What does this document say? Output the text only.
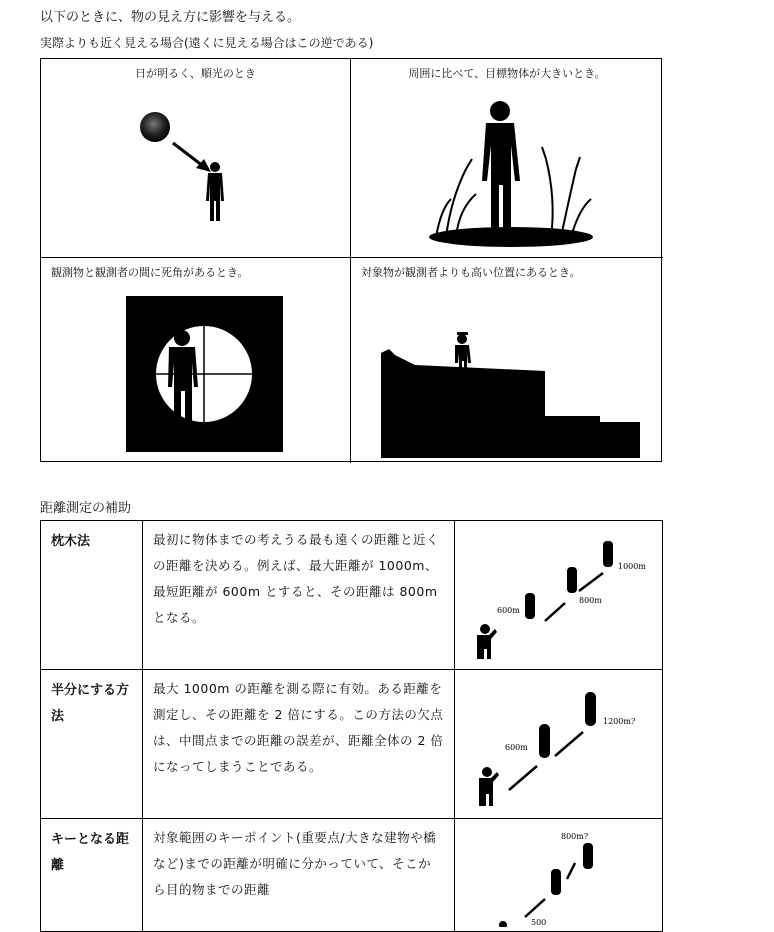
以下のときに、物の見え方に影響を与える。
実際よりも近く見える場合(遠くに見える場合はこの逆である)
日が明るく、順光のとき	周囲に比べて、目標物体が大きいとき。
観測物と観測者の間に死角があるとき。	対象物が観測者よりも高い位置にあるとき。
距離測定の補助
枕木法	最初に物体までの考えうる最も遠くの距離と近くの距離を決める。例えば、最大距離が 1000m、最短距離が 600m とすると、その距離は 800m となる。	1000m
800m
600m

半分にする方法	最大 1000m の距離を測る際に有効。ある距離を測定し、その距離を 2 倍にする。この方法の欠点は、中間点までの距離の誤差が、距離全体の 2 倍になってしまうことである。	1200m?
600m

キーとなる距離	対象範囲のキーポイント(重要点/大きな建物や橋など)までの距離が明確に分かっていて、そこから目的物までの距離	800m?
500
